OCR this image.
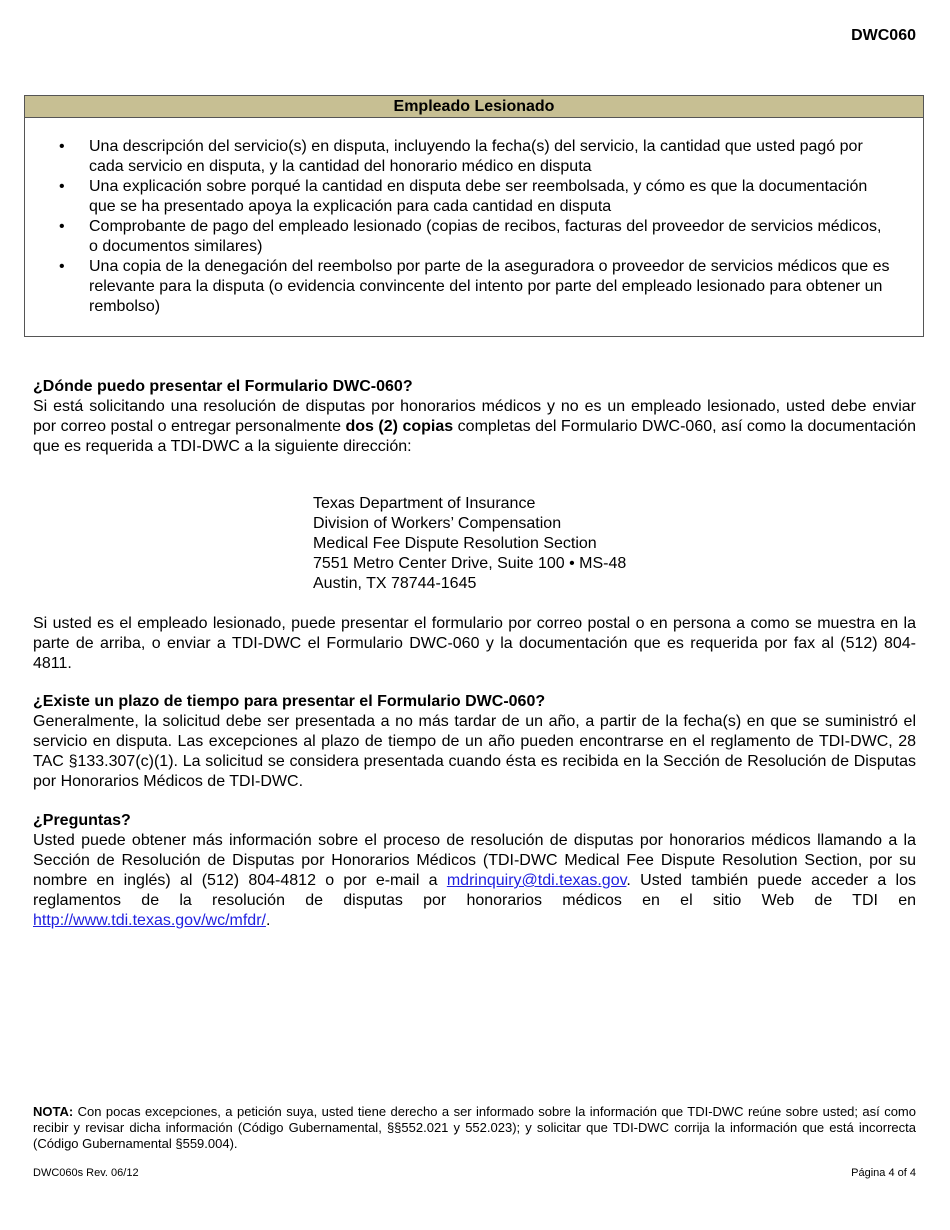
DWC060
Empleado Lesionado
• Una descripción del servicio(s) en disputa, incluyendo la fecha(s) del servicio, la cantidad que usted pagó por cada servicio en disputa, y la cantidad del honorario médico en disputa
• Una explicación sobre porqué la cantidad en disputa debe ser reembolsada, y cómo es que la documentación que se ha presentado apoya la explicación para cada cantidad en disputa
• Comprobante de pago del empleado lesionado (copias de recibos, facturas del proveedor de servicios médicos, o documentos similares)
• Una copia de la denegación del reembolso por parte de la aseguradora o proveedor de servicios médicos que es relevante para la disputa (o evidencia convincente del intento por parte del empleado lesionado para obtener un rembolso)
¿Dónde puedo presentar el Formulario DWC-060?

Si está solicitando una resolución de disputas por honorarios médicos y no es un empleado lesionado, usted debe enviar por correo postal o entregar personalmente dos (2) copias completas del Formulario DWC-060, así como la documentación que es requerida a TDI-DWC a la siguiente dirección:

Texas Department of Insurance
Division of Workers’ Compensation
Medical Fee Dispute Resolution Section
7551 Metro Center Drive, Suite 100 • MS-48
Austin, TX 78744-1645

Si usted es el empleado lesionado, puede presentar el formulario por correo postal o en persona a como se muestra en la parte de arriba, o enviar a TDI-DWC el Formulario DWC-060 y la documentación que es requerida por fax al (512) 804-4811.

¿Existe un plazo de tiempo para presentar el Formulario DWC-060?

Generalmente, la solicitud debe ser presentada a no más tardar de un año, a partir de la fecha(s) en que se suministró el servicio en disputa. Las excepciones al plazo de tiempo de un año pueden encontrarse en el reglamento de TDI-DWC, 28 TAC §133.307(c)(1). La solicitud se considera presentada cuando ésta es recibida en la Sección de Resolución de Disputas por Honorarios Médicos de TDI-DWC.

¿Preguntas?

Usted puede obtener más información sobre el proceso de resolución de disputas por honorarios médicos llamando a la Sección de Resolución de Disputas por Honorarios Médicos (TDI-DWC Medical Fee Dispute Resolution Section, por su nombre en inglés) al (512) 804-4812 o por e-mail a mdrinquiry@tdi.texas.gov. Usted también puede acceder a los reglamentos de la resolución de disputas por honorarios médicos en el sitio Web de TDI en http://www.tdi.texas.gov/wc/mfdr/.

NOTA: Con pocas excepciones, a petición suya, usted tiene derecho a ser informado sobre la información que TDI-DWC reúne sobre usted; así como recibir y revisar dicha información (Código Gubernamental, §§552.021 y 552.023); y solicitar que TDI-DWC corrija la información que está incorrecta (Código Gubernamental §559.004).
DWC060s Rev. 06/12	Página 4 of 4
